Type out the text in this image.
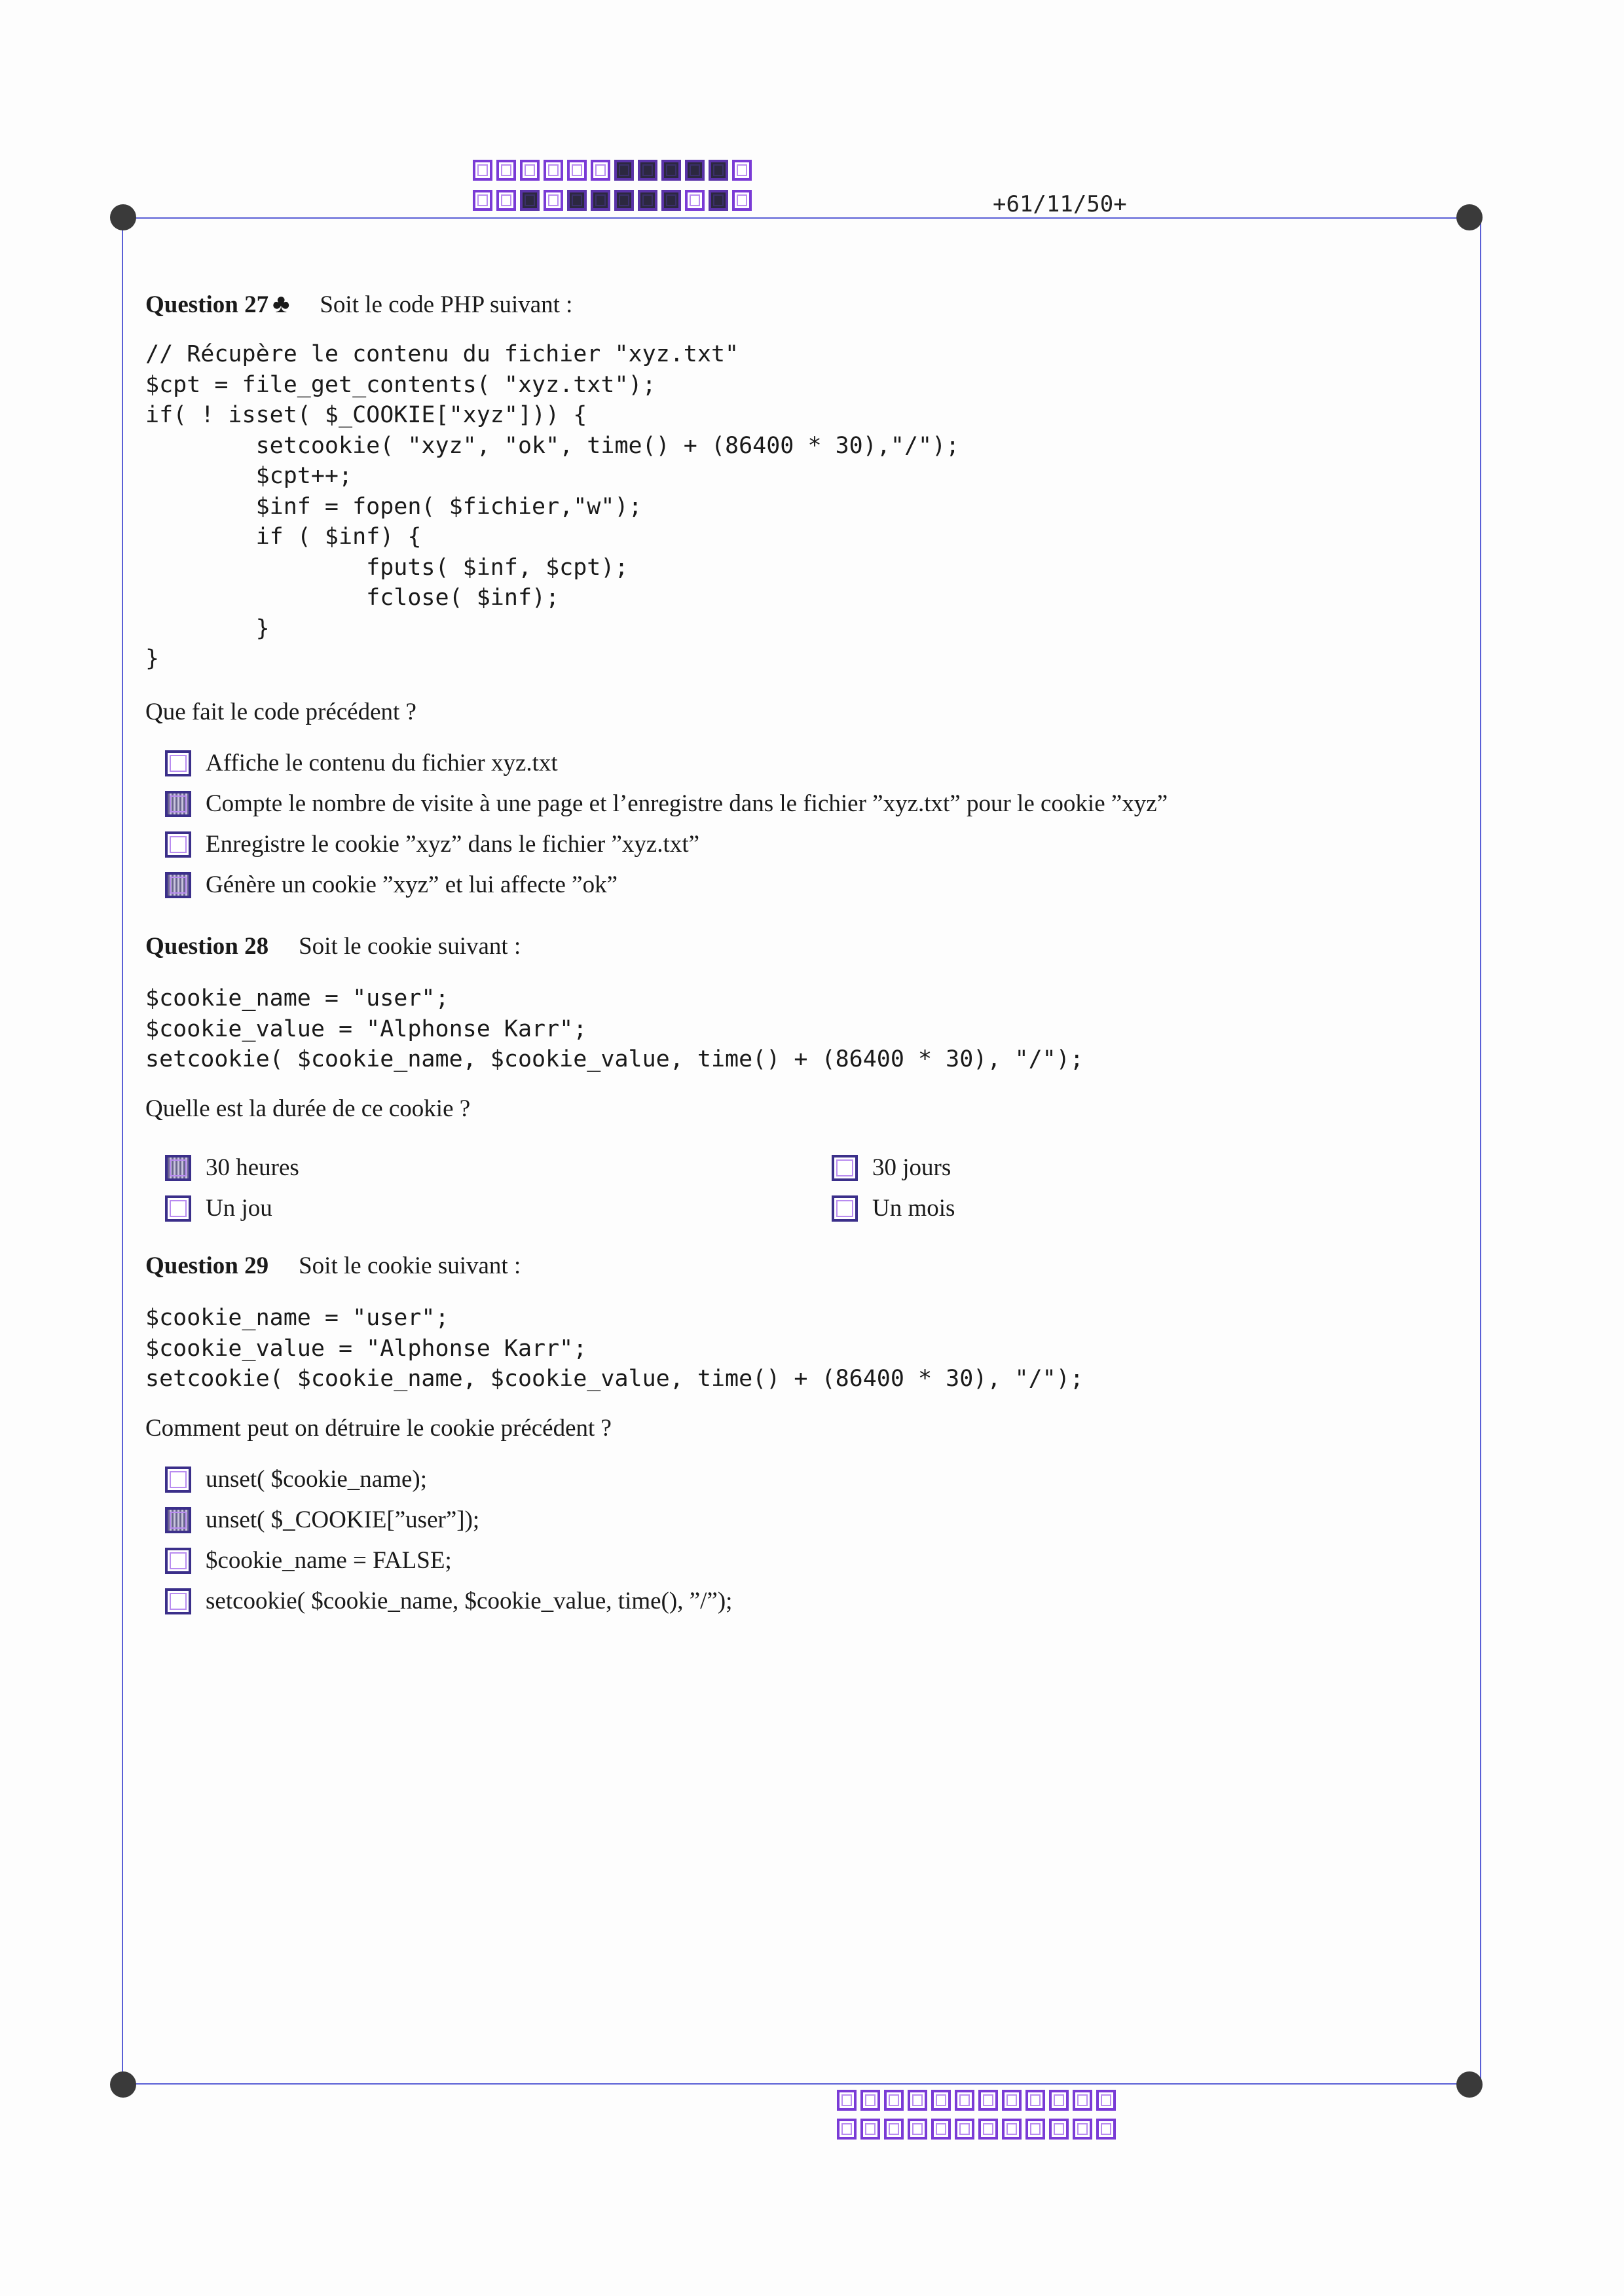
+61/11/50+
Question 27 ♣ Soit le code PHP suivant :
// Récupère le contenu du fichier "xyz.txt"
$cpt = file_get_contents( "xyz.txt");
if( ! isset( $_COOKIE["xyz"])) {
setcookie( "xyz", "ok", time() + (86400 * 30),"/");
$cpt++;
$inf = fopen( $fichier,"w");
if ( $inf) {
fputs( $inf, $cpt);
fclose( $inf);
}
}
Que fait le code précédent ?
Affiche le contenu du fichier xyz.txt
Compte le nombre de visite à une page et l’enregistre dans le fichier ”xyz.txt” pour le cookie ”xyz”
Enregistre le cookie ”xyz” dans le fichier ”xyz.txt”
Génère un cookie ”xyz” et lui affecte ”ok”
Question 28 Soit le cookie suivant :
$cookie_name = "user";
$cookie_value = "Alphonse Karr";
setcookie( $cookie_name, $cookie_value, time() + (86400 * 30), "/");
Quelle est la durée de ce cookie ?
30 heures	30 jours
Un jou	Un mois
Question 29 Soit le cookie suivant :
$cookie_name = "user";
$cookie_value = "Alphonse Karr";
setcookie( $cookie_name, $cookie_value, time() + (86400 * 30), "/");
Comment peut on détruire le cookie précédent ?
unset( $cookie_name);
unset( $_COOKIE[”user”]);
$cookie_name = FALSE;
setcookie( $cookie_name, $cookie_value, time(), ”/”);
